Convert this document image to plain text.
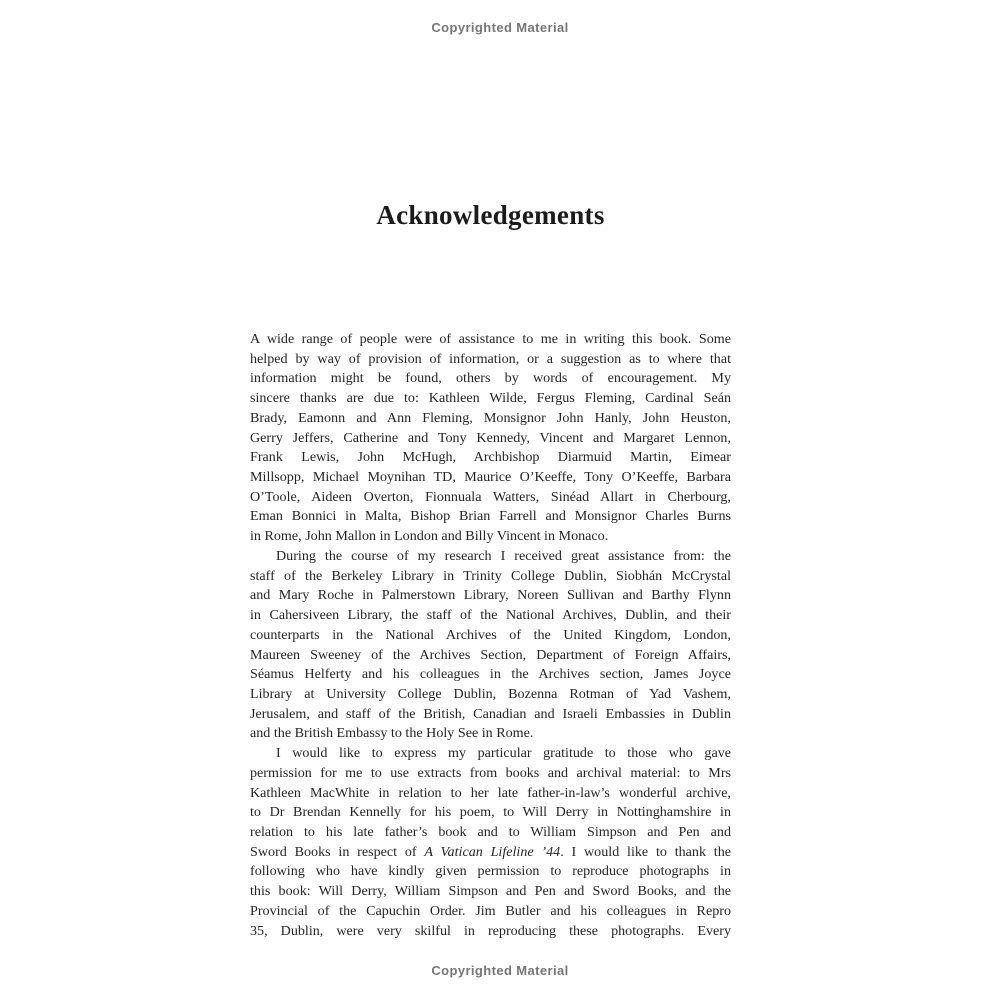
Copyrighted Material
Acknowledgements
A wide range of people were of assistance to me in writing this book. Some
helped by way of provision of information, or a suggestion as to where that
information might be found, others by words of encouragement. My
sincere thanks are due to: Kathleen Wilde, Fergus Fleming, Cardinal Seán
Brady, Eamonn and Ann Fleming, Monsignor John Hanly, John Heuston,
Gerry Jeffers, Catherine and Tony Kennedy, Vincent and Margaret Lennon,
Frank Lewis, John McHugh, Archbishop Diarmuid Martin, Eimear
Millsopp, Michael Moynihan TD, Maurice O’Keeffe, Tony O’Keeffe, Barbara
O’Toole, Aideen Overton, Fionnuala Watters, Sinéad Allart in Cherbourg,
Eman Bonnici in Malta, Bishop Brian Farrell and Monsignor Charles Burns
in Rome, John Mallon in London and Billy Vincent in Monaco.
During the course of my research I received great assistance from: the
staff of the Berkeley Library in Trinity College Dublin, Siobhán McCrystal
and Mary Roche in Palmerstown Library, Noreen Sullivan and Barthy Flynn
in Cahersiveen Library, the staff of the National Archives, Dublin, and their
counterparts in the National Archives of the United Kingdom, London,
Maureen Sweeney of the Archives Section, Department of Foreign Affairs,
Séamus Helferty and his colleagues in the Archives section, James Joyce
Library at University College Dublin, Bozenna Rotman of Yad Vashem,
Jerusalem, and staff of the British, Canadian and Israeli Embassies in Dublin
and the British Embassy to the Holy See in Rome.
I would like to express my particular gratitude to those who gave
permission for me to use extracts from books and archival material: to Mrs
Kathleen MacWhite in relation to her late father-in-law’s wonderful archive,
to Dr Brendan Kennelly for his poem, to Will Derry in Nottinghamshire in
relation to his late father’s book and to William Simpson and Pen and
Sword Books in respect of A Vatican Lifeline ’44. I would like to thank the
following who have kindly given permission to reproduce photographs in
this book: Will Derry, William Simpson and Pen and Sword Books, and the
Provincial of the Capuchin Order. Jim Butler and his colleagues in Repro
35, Dublin, were very skilful in reproducing these photographs. Every
Copyrighted Material
